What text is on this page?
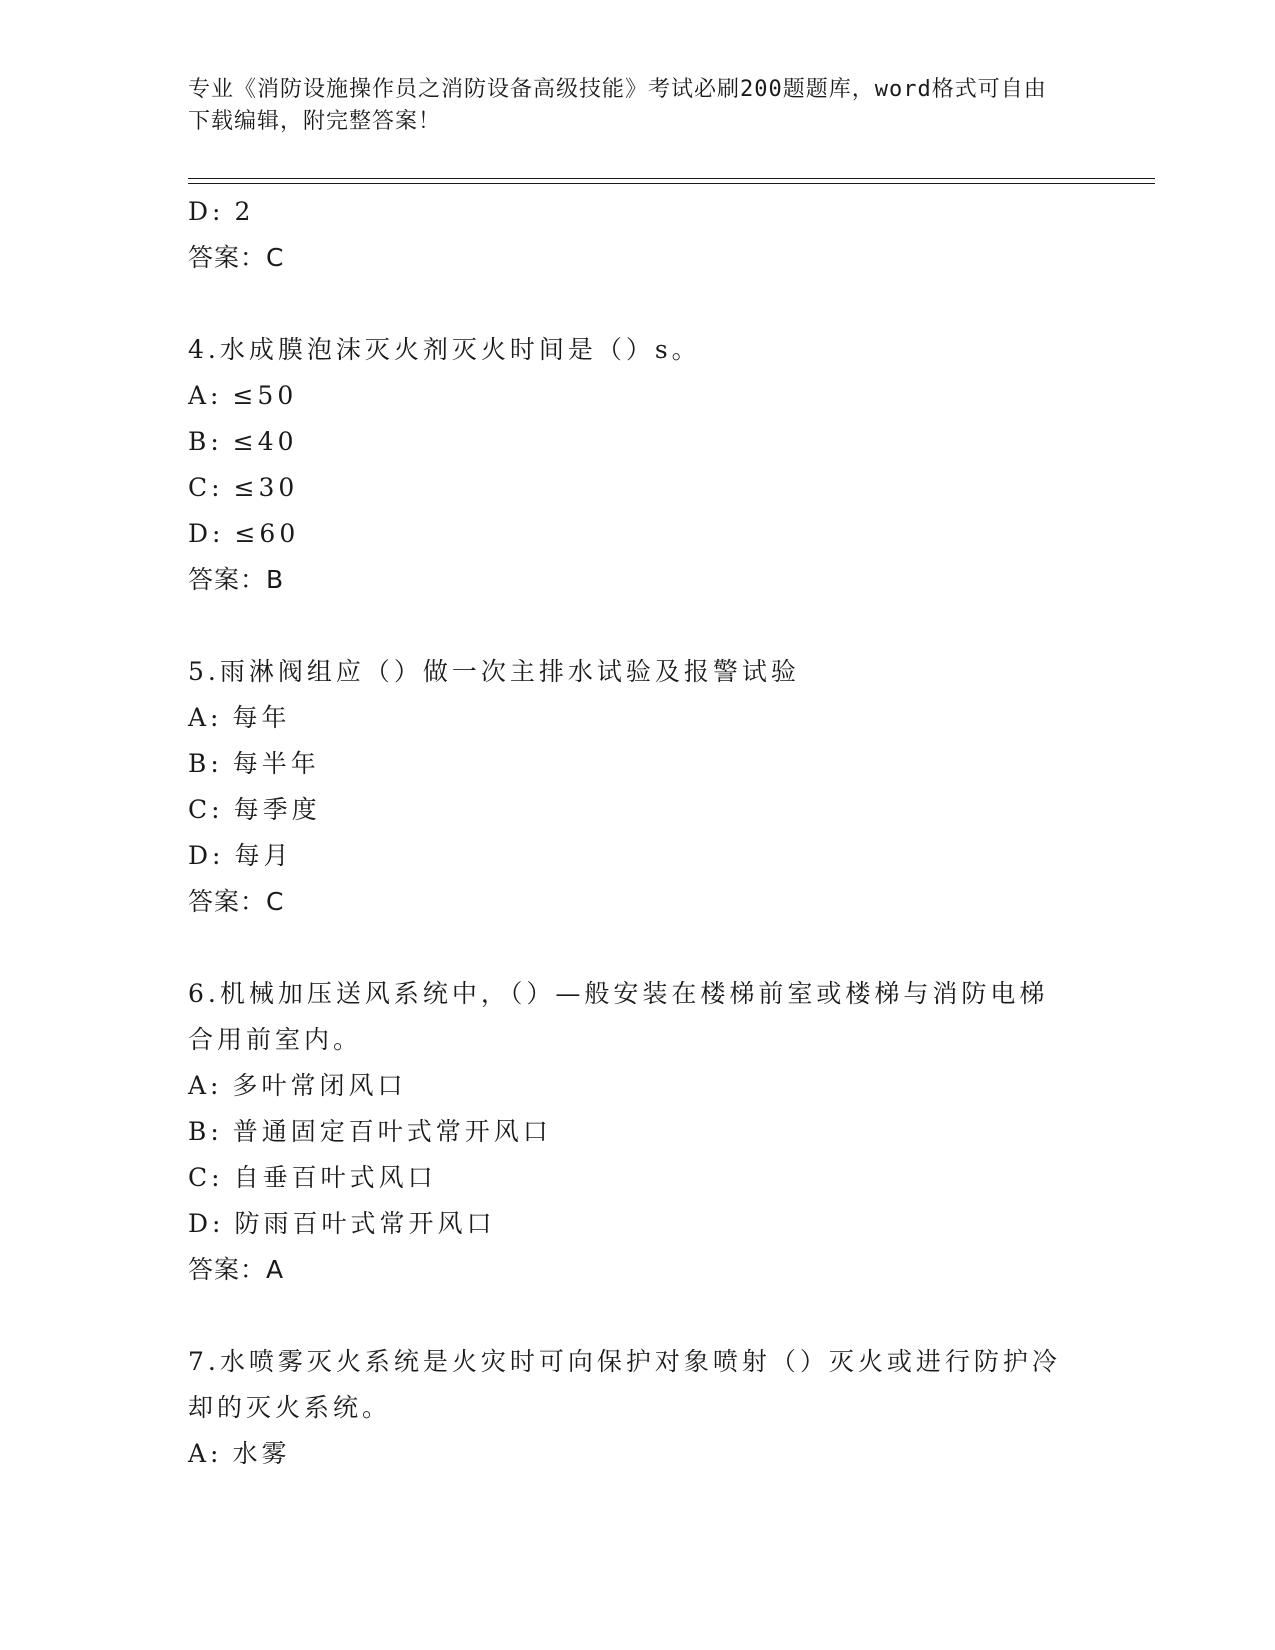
专业《消防设施操作员之消防设备高级技能》考试必刷200题题库，word格式可自由下载编辑，附完整答案！

D: 2

答案：C

4.水成膜泡沫灭火剂灭火时间是（）s。

A: ≤50

B: ≤40

C: ≤30

D: ≤60

答案：B

5.雨淋阀组应（）做一次主排水试验及报警试验

A: 每年

B: 每半年

C: 每季度

D: 每月

答案：C

6.机械加压送风系统中，（）—般安装在楼梯前室或楼梯与消防电梯合用前室内。

A: 多叶常闭风口

B: 普通固定百叶式常开风口

C: 自垂百叶式风口

D: 防雨百叶式常开风口

答案：A

7.水喷雾灭火系统是火灾时可向保护对象喷射（）灭火或进行防护冷却的灭火系统。

A: 水雾
